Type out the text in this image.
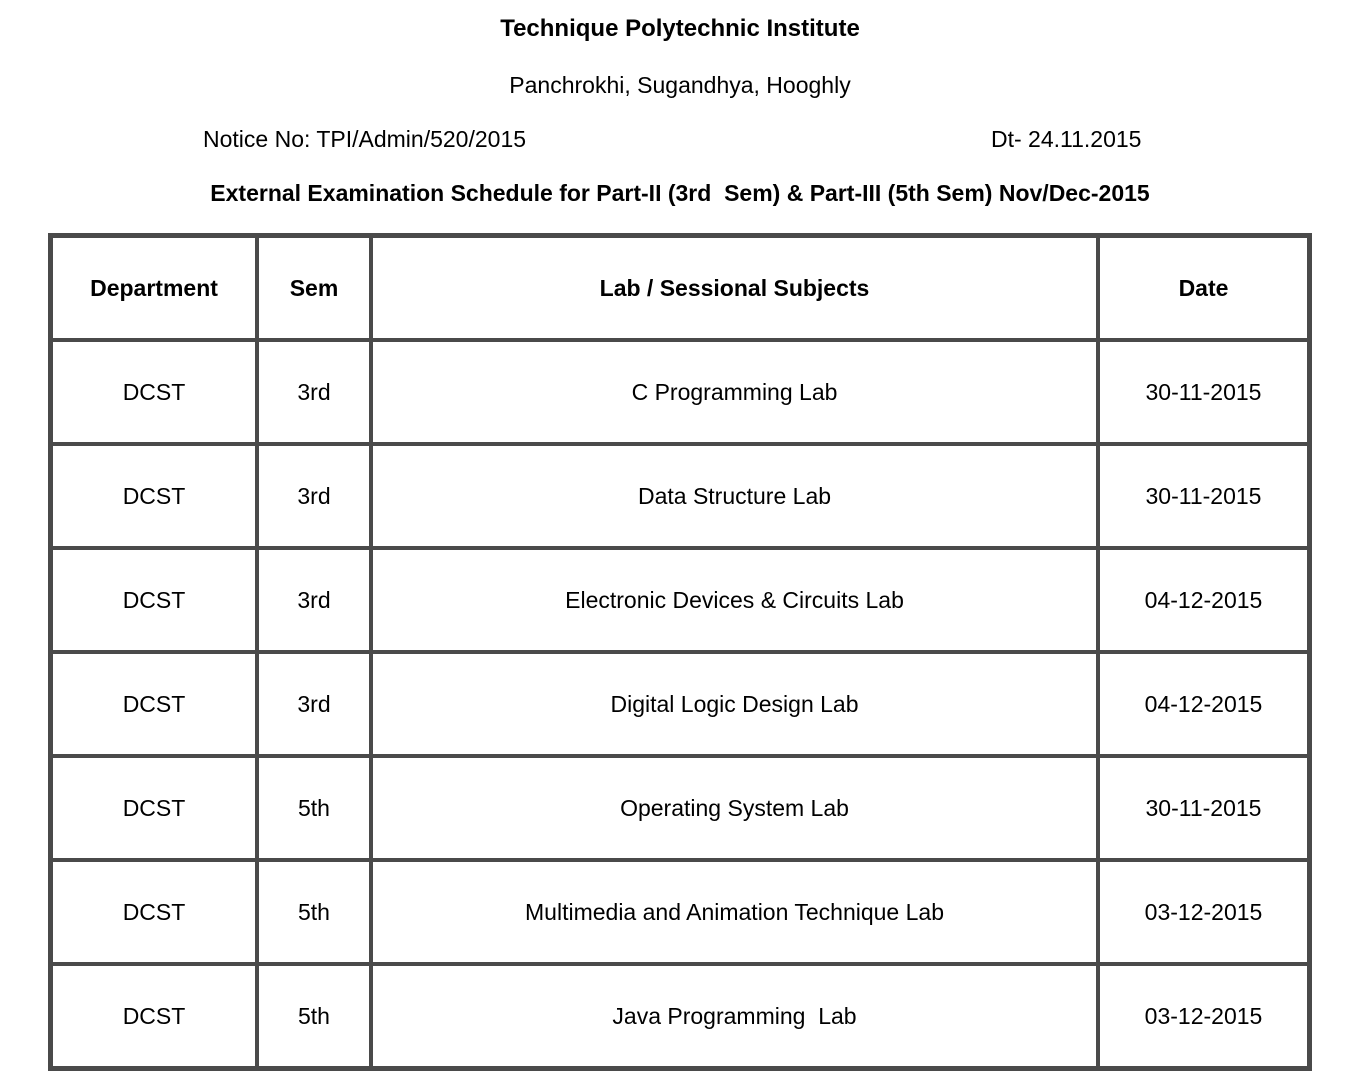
Technique Polytechnic Institute
Panchrokhi, Sugandhya, Hooghly
Notice No: TPI/Admin/520/2015	Dt- 24.11.2015
External Examination Schedule for Part-II (3rd  Sem) & Part-III (5th Sem) Nov/Dec-2015
Department	Sem	Lab / Sessional Subjects	Date
DCST	3rd	C Programming Lab	30-11-2015
DCST	3rd	Data Structure Lab	30-11-2015
DCST	3rd	Electronic Devices & Circuits Lab	04-12-2015
DCST	3rd	Digital Logic Design Lab	04-12-2015
DCST	5th	Operating System Lab	30-11-2015
DCST	5th	Multimedia and Animation Technique Lab	03-12-2015
DCST	5th	Java Programming  Lab	03-12-2015
